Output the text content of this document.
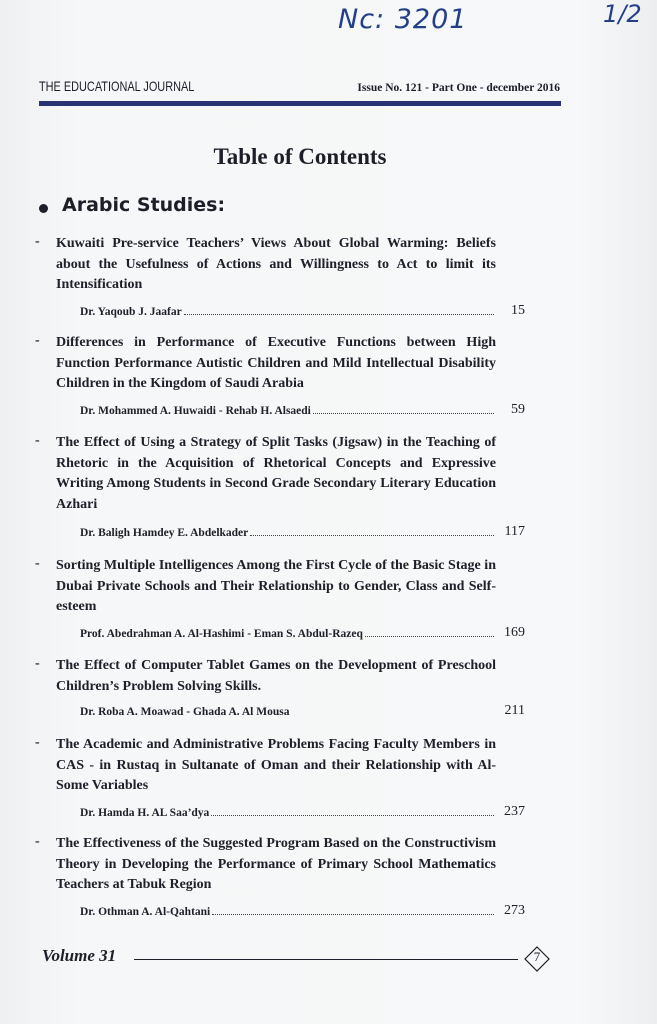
Nc: 3201	1/2
THE EDUCATIONAL JOURNAL	Issue No. 121 - Part One - december 2016
Table of Contents
Arabic Studies:
- Kuwaiti Pre-service Teachers’ Views About Global Warming: Beliefs about the Usefulness of Actions and Willingness to Act to limit its Intensification
Dr. Yaqoub J. Jaafar	15
- Differences in Performance of Executive Functions between High Function Performance Autistic Children and Mild Intellectual Disability Children in the Kingdom of Saudi Arabia
Dr. Mohammed A. Huwaidi - Rehab H. Alsaedi	59
- The Effect of Using a Strategy of Split Tasks (Jigsaw) in the Teaching of Rhetoric in the Acquisition of Rhetorical Concepts and Expressive Writing Among Students in Second Grade Secondary Literary Education Azhari
Dr. Baligh Hamdey E. Abdelkader	117
- Sorting Multiple Intelligences Among the First Cycle of the Basic Stage in Dubai Private Schools and Their Relationship to Gender, Class and Self-esteem
Prof. Abedrahman A. Al-Hashimi - Eman S. Abdul-Razeq	169
- The Effect of Computer Tablet Games on the Development of Preschool Children’s Problem Solving Skills.
Dr. Roba A. Moawad - Ghada A. Al Mousa	211
- The Academic and Administrative Problems Facing Faculty Members in CAS - in Rustaq in Sultanate of Oman and their Relationship with Al-Some Variables
Dr. Hamda H. AL Saa’dya	237
- The Effectiveness of the Suggested Program Based on the Constructivism Theory in Developing the Performance of Primary School Mathematics Teachers at Tabuk Region
Dr. Othman A. Al-Qahtani	273
Volume 31	7
